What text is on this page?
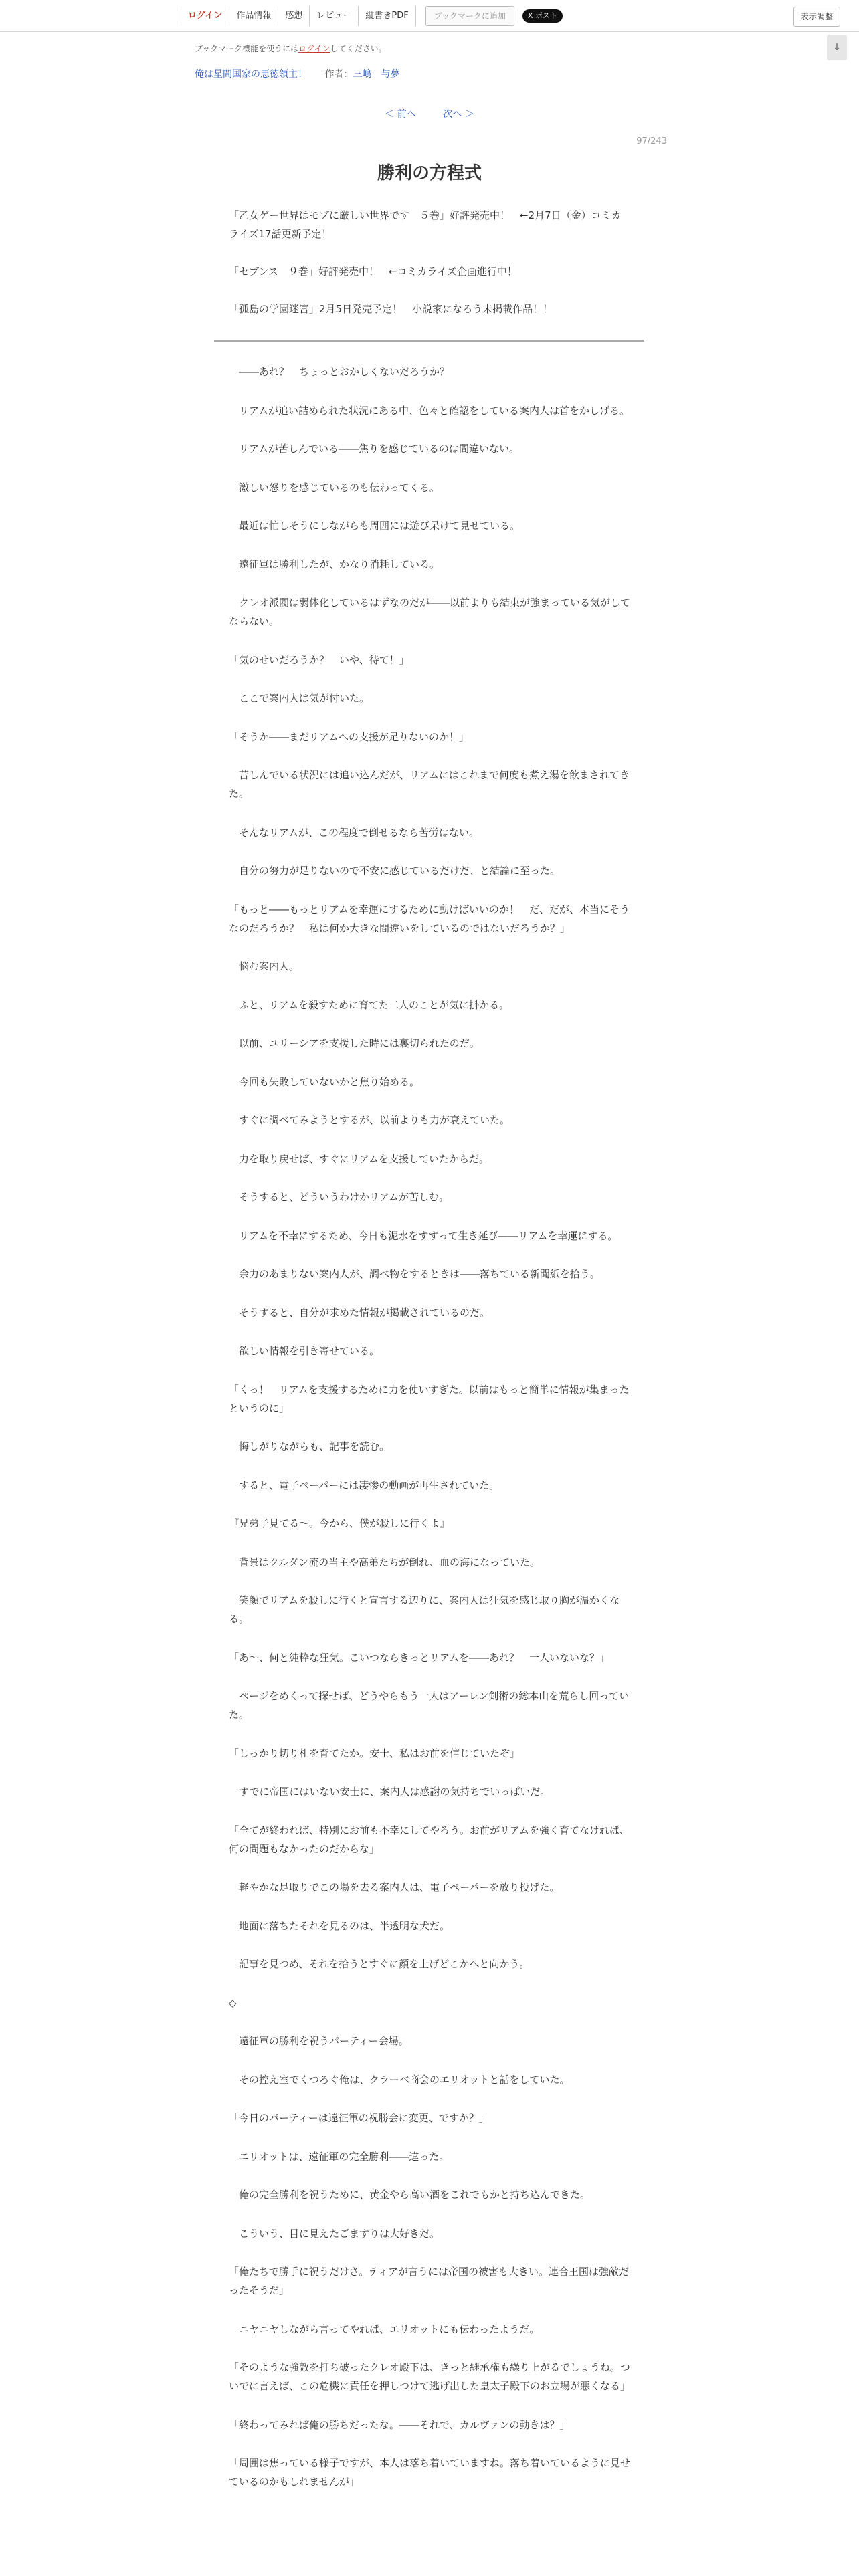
ログイン	作品情報	感想	レビュー	縦書きPDF	ブックマークに追加	X ポスト	表示調整
↓
ブックマーク機能を使うにはログインしてください。
俺は星間国家の悪徳領主！ 作者：三嶋　与夢
＜ 前へ	次へ ＞
97/243
勝利の方程式

「乙女ゲー世界はモブに厳しい世界です　５巻」好評発売中！　←2月7日（金）コミカライズ17話更新予定！

「セブンス　９巻」好評発売中！　←コミカライズ企画進行中！

「孤島の学園迷宮」2月5日発売予定！　小説家になろう未掲載作品！！

　――あれ？　ちょっとおかしくないだろうか？

　リアムが追い詰められた状況にある中、色々と確認をしている案内人は首をかしげる。

　リアムが苦しんでいる――焦りを感じているのは間違いない。

　激しい怒りを感じているのも伝わってくる。

　最近は忙しそうにしながらも周囲には遊び呆けて見せている。

　遠征軍は勝利したが、かなり消耗している。

　クレオ派閥は弱体化しているはずなのだが――以前よりも結束が強まっている気がしてならない。

「気のせいだろうか？　いや、待て！」

　ここで案内人は気が付いた。

「そうか――まだリアムへの支援が足りないのか！」

　苦しんでいる状況には追い込んだが、リアムにはこれまで何度も煮え湯を飲まされてきた。

　そんなリアムが、この程度で倒せるなら苦労はない。

　自分の努力が足りないので不安に感じているだけだ、と結論に至った。

「もっと――もっとリアムを幸運にするために動けばいいのか！　だ、だが、本当にそうなのだろうか？　私は何か大きな間違いをしているのではないだろうか？」

　悩む案内人。

　ふと、リアムを殺すために育てた二人のことが気に掛かる。

　以前、ユリーシアを支援した時には裏切られたのだ。

　今回も失敗していないかと焦り始める。

　すぐに調べてみようとするが、以前よりも力が衰えていた。

　力を取り戻せば、すぐにリアムを支援していたからだ。

　そうすると、どういうわけかリアムが苦しむ。

　リアムを不幸にするため、今日も泥水をすすって生き延び――リアムを幸運にする。

　余力のあまりない案内人が、調べ物をするときは――落ちている新聞紙を拾う。

　そうすると、自分が求めた情報が掲載されているのだ。

　欲しい情報を引き寄せている。

「くっ！　リアムを支援するために力を使いすぎた。以前はもっと簡単に情報が集まったというのに」

　悔しがりながらも、記事を読む。

　すると、電子ペーパーには凄惨の動画が再生されていた。

『兄弟子見てる～。今から、僕が殺しに行くよ』

　背景はクルダン流の当主や高弟たちが倒れ、血の海になっていた。

　笑顔でリアムを殺しに行くと宣言する辺りに、案内人は狂気を感じ取り胸が温かくなる。

「あ～、何と純粋な狂気。こいつならきっとリアムを――あれ？　一人いないな？」

　ページをめくって探せば、どうやらもう一人はアーレン剣術の総本山を荒らし回っていた。

「しっかり切り札を育てたか。安士、私はお前を信じていたぞ」

　すでに帝国にはいない安士に、案内人は感謝の気持ちでいっぱいだ。

「全てが終われば、特別にお前も不幸にしてやろう。お前がリアムを強く育てなければ、何の問題もなかったのだからな」

　軽やかな足取りでこの場を去る案内人は、電子ペーパーを放り投げた。

　地面に落ちたそれを見るのは、半透明な犬だ。

　記事を見つめ、それを拾うとすぐに顔を上げどこかへと向かう。

◇

　遠征軍の勝利を祝うパーティー会場。

　その控え室でくつろぐ俺は、クラーベ商会のエリオットと話をしていた。

「今日のパーティーは遠征軍の祝勝会に変更、ですか？」

　エリオットは、遠征軍の完全勝利――違った。

　俺の完全勝利を祝うために、黄金やら高い酒をこれでもかと持ち込んできた。

　こういう、目に見えたごますりは大好きだ。

「俺たちで勝手に祝うだけさ。ティアが言うには帝国の被害も大きい。連合王国は強敵だったそうだ」

　ニヤニヤしながら言ってやれば、エリオットにも伝わったようだ。

「そのような強敵を打ち破ったクレオ殿下は、きっと継承権も繰り上がるでしょうね。ついでに言えば、この危機に責任を押しつけて逃げ出した皇太子殿下のお立場が悪くなる」

「終わってみれば俺の勝ちだったな。――それで、カルヴァンの動きは？」

「周囲は焦っている様子ですが、本人は落ち着いていますね。落ち着いているように見せているのかもしれませんが」
